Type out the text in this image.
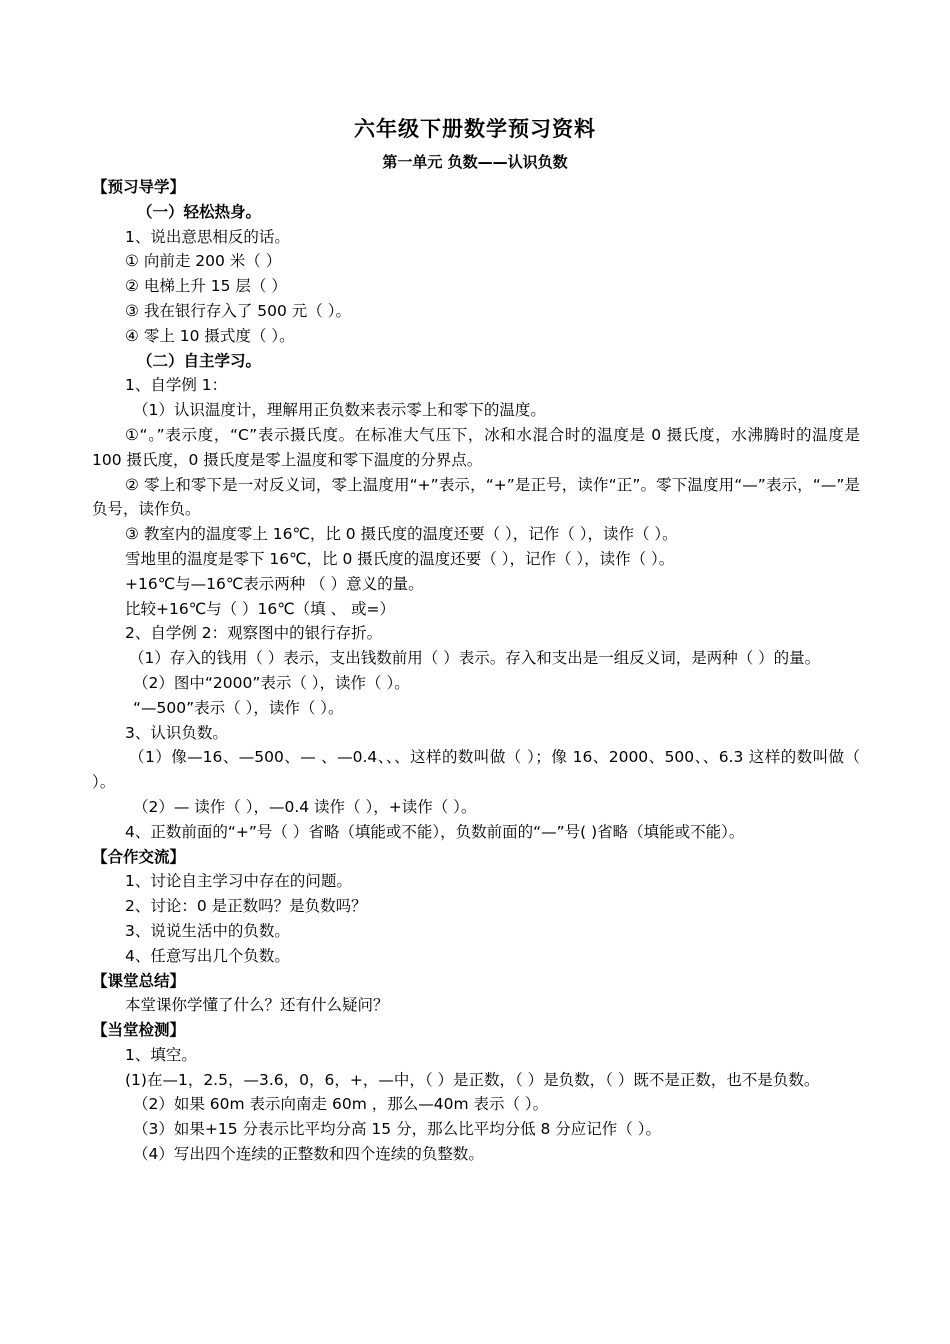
六年级下册数学预习资料
第一单元 负数——认识负数
【预习导学】
（一）轻松热身。
1、说出意思相反的话。
① 向前走 200 米（ ）
② 电梯上升 15 层（ ）
③ 我在银行存入了 500 元（ ）。
④ 零上 10 摄式度（ ）。
（二）自主学习。
1、自学例 1：
（1）认识温度计，理解用正负数来表示零上和零下的温度。
①“。”表示度，“C”表示摄氏度。在标准大气压下，冰和水混合时的温度是 0 摄氏度，水沸腾时的温度是 100 摄氏度，0 摄氏度是零上温度和零下温度的分界点。
② 零上和零下是一对反义词，零上温度用“+”表示，“+”是正号，读作“正”。零下温度用“—”表示，“—”是负号，读作负。
③ 教室内的温度零上 16℃，比 0 摄氏度的温度还要（ ），记作（ ），读作（ ）。
雪地里的温度是零下 16℃，比 0 摄氏度的温度还要（ ），记作（ ），读作（ ）。
+16℃与—16℃表示两种 （ ）意义的量。
比较+16℃与（ ）16℃（填 、 或=）
2、自学例 2：观察图中的银行存折。
（1）存入的钱用（ ）表示，支出钱数前用（ ）表示。存入和支出是一组反义词，是两种（ ）的量。
（2）图中“2000”表示（ ），读作（ ）。
“—500”表示（ ），读作（ ）。
3、认识负数。
（1）像—16、—500、— 、—0.4、、、这样的数叫做（ ）；像 16、2000、500、、6.3 这样的数叫做（ ）。
（2）— 读作（ ），—0.4 读作（ ），+读作（ ）。
4、正数前面的“+”号（ ）省略（填能或不能），负数前面的“—”号( )省略（填能或不能）。
【合作交流】
1、讨论自主学习中存在的问题。
2、讨论：0 是正数吗？是负数吗？
3、说说生活中的负数。
4、任意写出几个负数。
【课堂总结】
本堂课你学懂了什么？还有什么疑问？
【当堂检测】
1、填空。
(1)在—1，2.5，—3.6，0，6，+，—中，（ ）是正数，（ ）是负数，（ ）既不是正数，也不是负数。
（2）如果 60m 表示向南走 60m ，那么—40m 表示（ ）。
（3）如果+15 分表示比平均分高 15 分，那么比平均分低 8 分应记作（ ）。
（4）写出四个连续的正整数和四个连续的负整数。
